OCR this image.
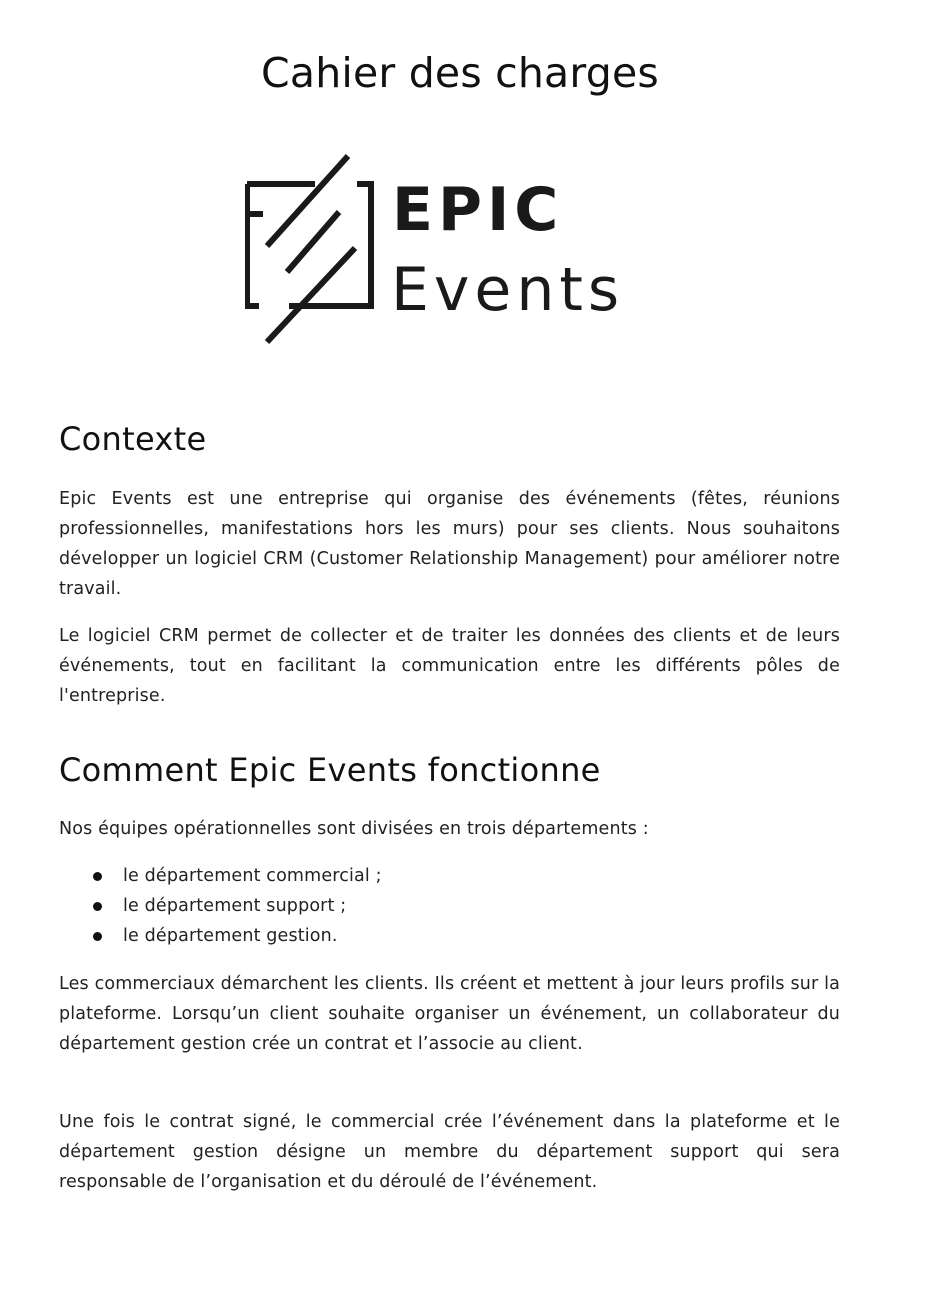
Cahier des charges
EPIC
Events
Contexte

Epic Events est une entreprise qui organise des événements (fêtes, réunions professionnelles, manifestations hors les murs) pour ses clients. Nous souhaitons développer un logiciel CRM (Customer Relationship Management) pour améliorer notre travail.

Le logiciel CRM permet de collecter et de traiter les données des clients et de leurs événements, tout en facilitant la communication entre les différents pôles de l'entreprise.

Comment Epic Events fonctionne

Nos équipes opérationnelles sont divisées en trois départements :

le département commercial ;
le département support ;
le département gestion.

Les commerciaux démarchent les clients. Ils créent et mettent à jour leurs profils sur la plateforme. Lorsqu’un client souhaite organiser un événement, un collaborateur du département gestion crée un contrat et l’associe au client.

Une fois le contrat signé, le commercial crée l’événement dans la plateforme et le département gestion désigne un membre du département support qui sera responsable de l’organisation et du déroulé de l’événement.
